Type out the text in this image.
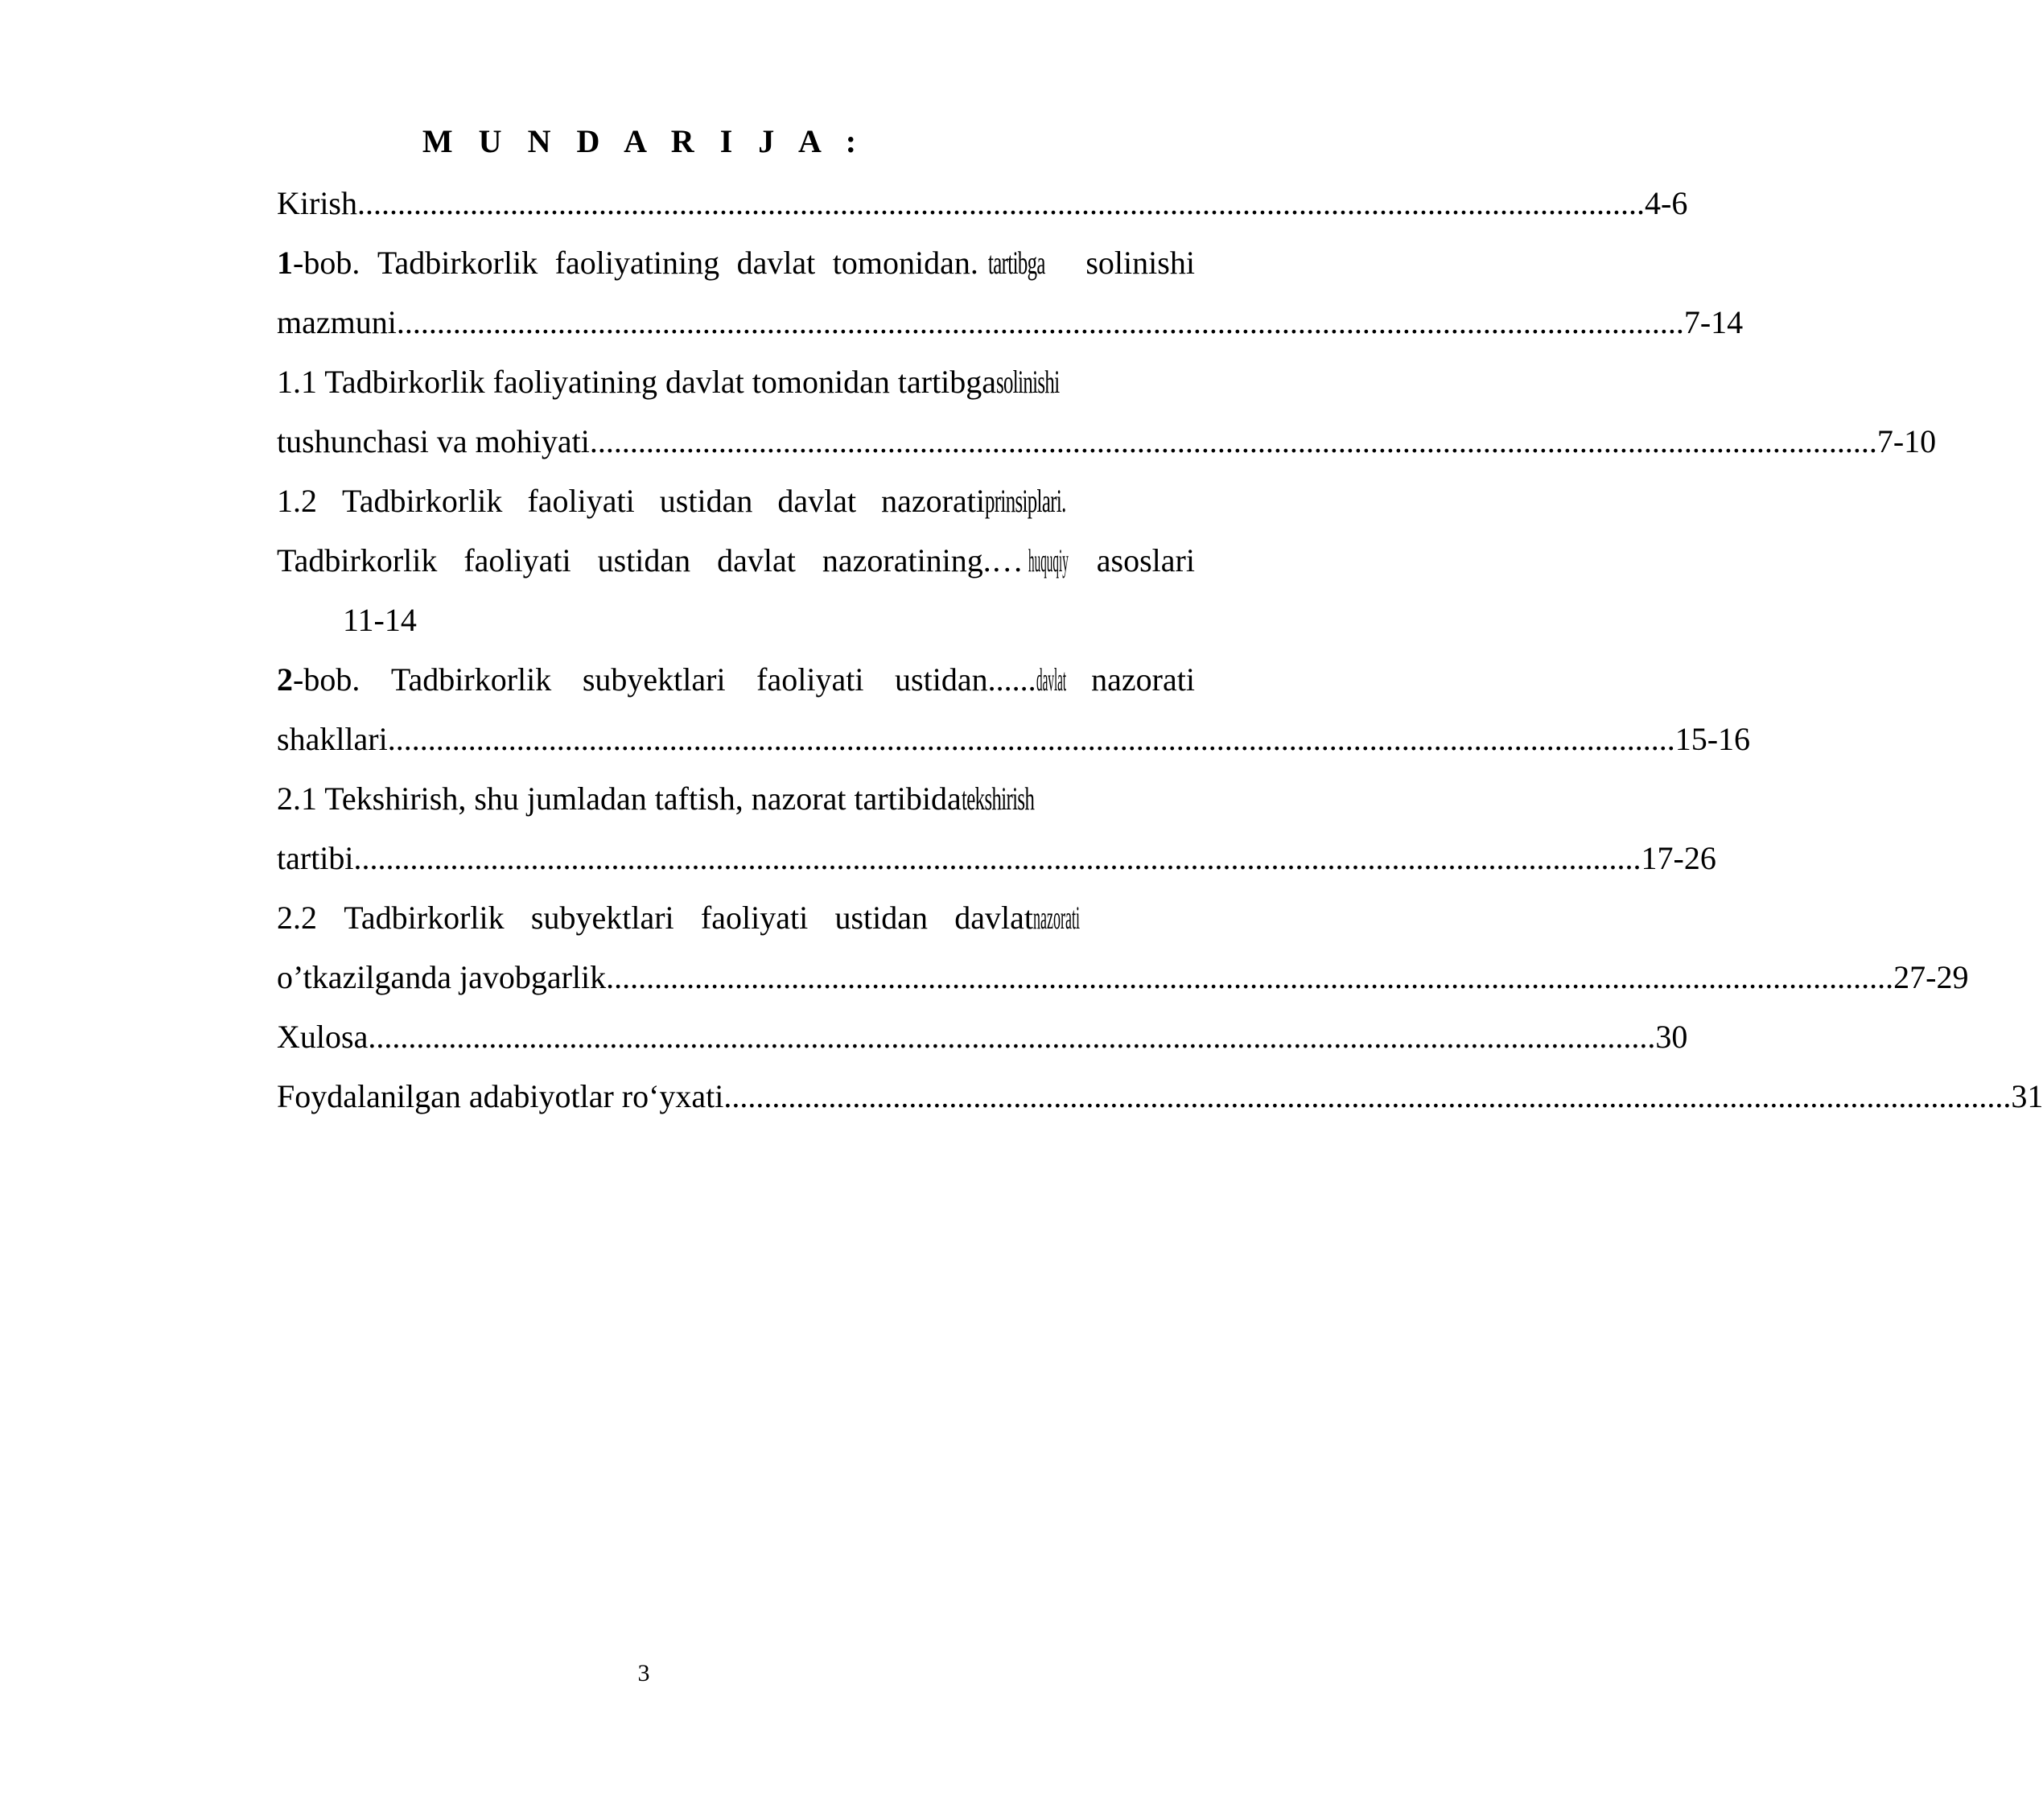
M U N D A R I J A :
Kirish ................................................................................................................................................................ 4-6
1-bob. Tadbirkorlik faoliyatining davlat tomonidan. tartibga	solinishi
mazmuni ................................................................................................................................................................ 7-14
1.1 Tadbirkorlik faoliyatining davlat tomonidan tartibgasolinishi
tushunchasi va mohiyati ................................................................................................................................................................ 7-10
1.2 Tadbirkorlik faoliyati ustidan davlat nazorati prinsiplari.
Tadbirkorlik faoliyati ustidan davlat nazoratining.… huquqiy asoslari
11-14
2-bob. Tadbirkorlik subyektlari faoliyati ustidan...... davlat nazorati
shakllari ................................................................................................................................................................ 15-16
2.1 Tekshirish, shu jumladan taftish, nazorat tartibidatekshirish
tartibi ................................................................................................................................................................ 17-26
2.2 Tadbirkorlik subyektlari faoliyati ustidan davlat nazorati
o’tkazilganda javobgarlik ................................................................................................................................................................ 27-29
Xulosa ................................................................................................................................................................ 30
Foydalanilgan adabiyotlar ro‘yxati ................................................................................................................................................................ 31
3
